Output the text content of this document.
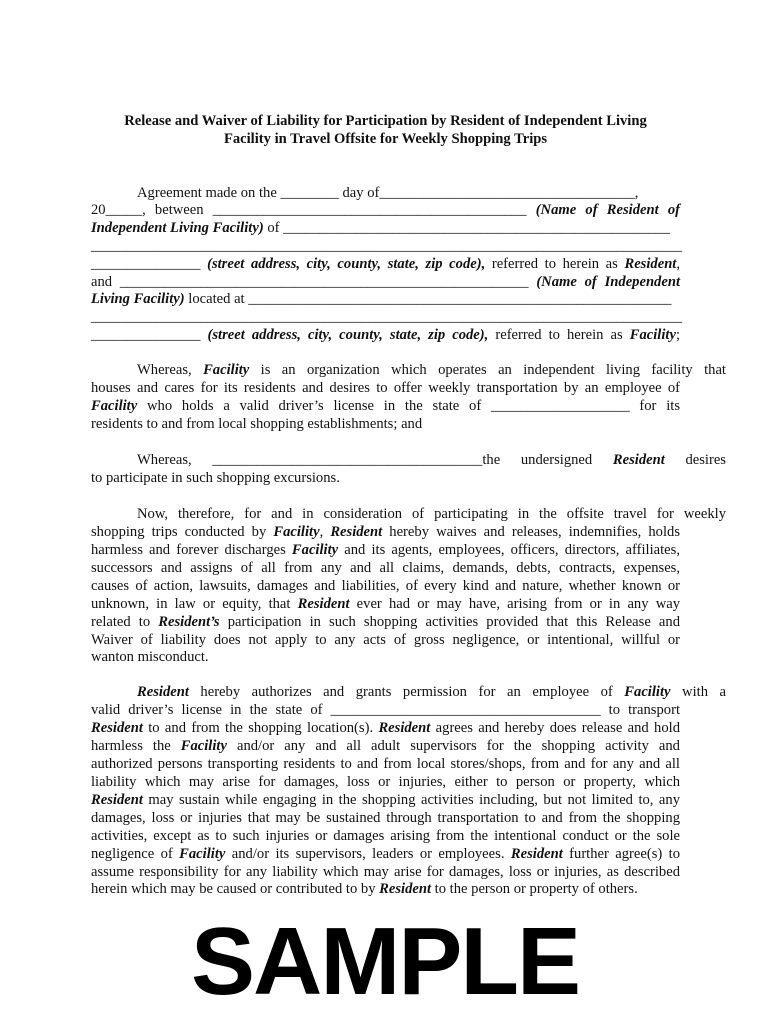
Release and Waiver of Liability for Participation by Resident of Independent Living
Facility in Travel Offsite for Weekly Shopping Trips
Agreement made on the ________ day of___________________________________,
20_____, between ___________________________________________ (Name of Resident of
Independent Living Facility) of _____________________________________________________
_________________________________________________________________________________
_______________ (street address, city, county, state, zip code), referred to herein as Resident,
and ________________________________________________________ (Name of Independent
Living Facility) located at __________________________________________________________
_________________________________________________________________________________
_______________ (street address, city, county, state, zip code), referred to herein as Facility;
Whereas, Facility is an organization which operates an independent living facility that
houses and cares for its residents and desires to offer weekly transportation by an employee of
Facility who holds a valid driver’s license in the state of ___________________ for its
residents to and from local shopping establishments; and
Whereas, _____________________________________the undersigned Resident desires
to participate in such shopping excursions.
Now, therefore, for and in consideration of participating in the offsite travel for weekly
shopping trips conducted by Facility, Resident hereby waives and releases, indemnifies, holds
harmless and forever discharges Facility and its agents, employees, officers, directors, affiliates,
successors and assigns of all from any and all claims, demands, debts, contracts, expenses,
causes of action, lawsuits, damages and liabilities, of every kind and nature, whether known or
unknown, in law or equity, that Resident ever had or may have, arising from or in any way
related to Resident’s participation in such shopping activities provided that this Release and
Waiver of liability does not apply to any acts of gross negligence, or intentional, willful or
wanton misconduct.
Resident hereby authorizes and grants permission for an employee of Facility with a
valid driver’s license in the state of _____________________________________ to transport
Resident to and from the shopping location(s). Resident agrees and hereby does release and hold
harmless the Facility and/or any and all adult supervisors for the shopping activity and
authorized persons transporting residents to and from local stores/shops, from and for any and all
liability which may arise for damages, loss or injuries, either to person or property, which
Resident may sustain while engaging in the shopping activities including, but not limited to, any
damages, loss or injuries that may be sustained through transportation to and from the shopping
activities, except as to such injuries or damages arising from the intentional conduct or the sole
negligence of Facility and/or its supervisors, leaders or employees. Resident further agree(s) to
assume responsibility for any liability which may arise for damages, loss or injuries, as described
herein which may be caused or contributed to by Resident to the person or property of others.
SAMPLE
